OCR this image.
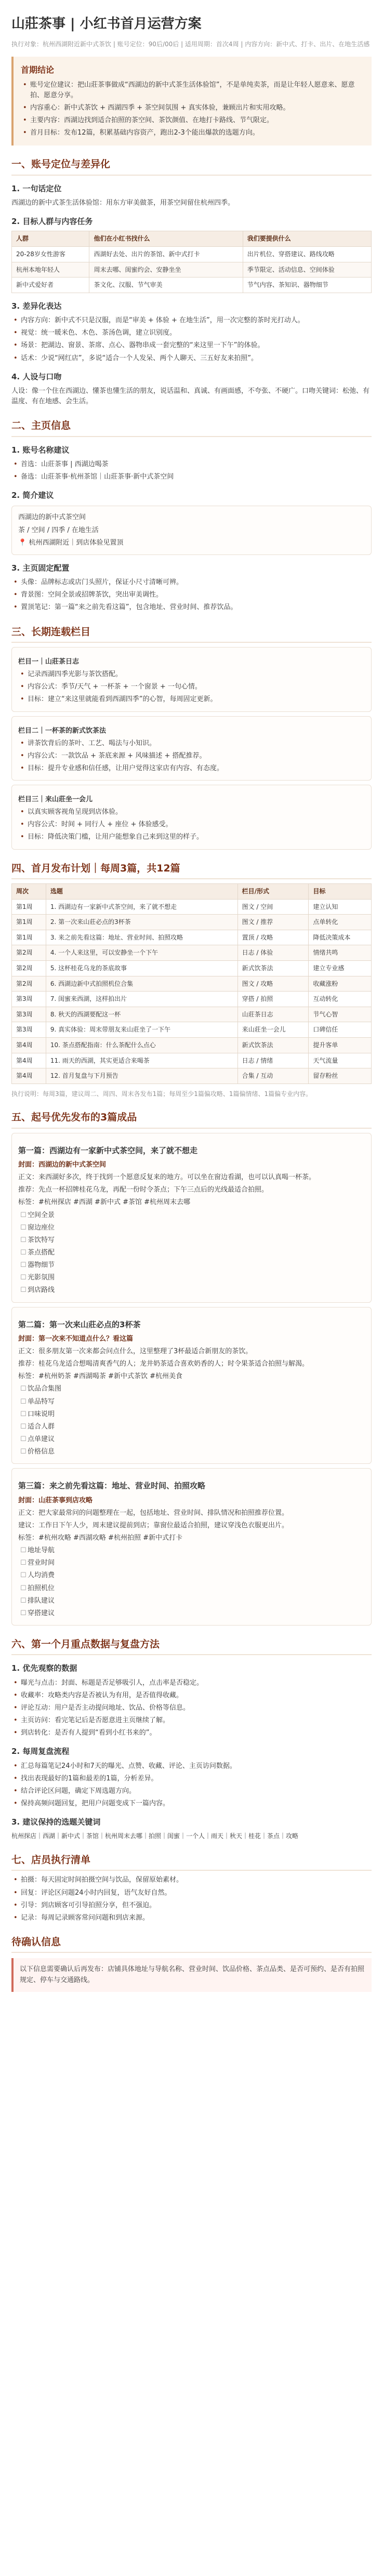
山莊茶事 | 小红书首月运营方案
执行对象：杭州西湖附近新中式茶饮 | 账号定位：90后/00后 | 适用周期：首次4周 | 内容方向：新中式、打卡、出片、在地生活感
首期结论
• 账号定位建议：把山莊茶事做成“西湖边的新中式茶生活体验馆”，不是单纯卖茶，而是让年轻人愿意来、愿意拍、愿意分享。
• 内容重心：新中式茶饮 + 西湖四季 + 茶空间氛围 + 真实体验，兼顾出片和实用攻略。
• 主要内容：西湖边找到适合拍照的茶空间、茶饮颜值、在地打卡路线、节气限定。
• 首月目标：发布12篇，积累基础内容资产，跑出2-3个能出爆款的选题方向。
一、账号定位与差异化
1. 一句话定位

西湖边的新中式茶生活体验馆：用东方审美做茶，用茶空间留住杭州四季。

2. 目标人群与内容任务
人群	他们在小红书找什么	我们要提供什么
20-28岁女性游客	西湖好去处、出片的茶馆、新中式打卡	出片机位、穿搭建议、路线攻略
杭州本地年轻人	周末去哪、闺蜜约会、安静坐坐	季节限定、活动信息、空间体验
新中式爱好者	茶文化、汉服、节气审美	节气内容、茶知识、器物细节
3. 差异化表达
• 内容方向：新中式不只是汉服，而是“审美 + 体验 + 在地生活”，用一次完整的茶时光打动人。
• 视觉：统一暖米色、木色、茶汤色调，建立识别度。
• 场景：把湖边、窗景、茶席、点心、器物串成一套完整的“来这里一下午”的体验。
• 话术：少说“网红店”，多说“适合一个人发呆、两个人聊天、三五好友来拍照”。
4. 人设与口吻

人设：像一个住在西湖边、懂茶也懂生活的朋友，说话温和、真诚、有画面感，不夸张、不硬广。口吻关键词：松弛、有温度、有在地感、会生活。

二、主页信息
1. 账号名称建议
• 首选：山莊茶事 | 西湖边喝茶
• 备选：山莊茶事·杭州茶馆｜山莊茶事·新中式茶空间
2. 简介建议

西湖边的新中式茶空间

茶 / 空间 / 四季 / 在地生活

📍 杭州西湖附近｜到店体验见置顶

3. 主页固定配置
• 头像：品牌标志或店门头照片，保证小尺寸清晰可辨。
• 背景图：空间全景或招牌茶饮，突出审美调性。
• 置顶笔记：第一篇“来之前先看这篇”，包含地址、营业时间、推荐饮品。
三、长期连载栏目
栏目一｜山莊茶日志
• 记录西湖四季光影与茶饮搭配。
• 内容公式：季节/天气 + 一杯茶 + 一个窗景 + 一句心情。
• 目标：建立“来这里就能看到西湖四季”的心智，每周固定更新。
栏目二｜一杯茶的新式饮茶法
• 讲茶饮背后的茶叶、工艺、喝法与小知识。
• 内容公式：一款饮品 + 茶底来源 + 风味描述 + 搭配推荐。
• 目标：提升专业感和信任感，让用户觉得这家店有内容、有态度。
栏目三｜来山莊坐一会儿
• 以真实顾客视角呈现到店体验。
• 内容公式：时间 + 同行人 + 座位 + 体验感受。
• 目标：降低决策门槛，让用户能想象自己来到这里的样子。
四、首月发布计划｜每周3篇，共12篇
周次	选题	栏目/形式	目标
第1周	1. 西湖边有一家新中式茶空间，来了就不想走	图文 / 空间	建立认知
第1周	2. 第一次来山莊必点的3杯茶	图文 / 推荐	点单转化
第1周	3. 来之前先看这篇：地址、营业时间、拍照攻略	置顶 / 攻略	降低决策成本
第2周	4. 一个人来这里，可以安静坐一个下午	日志 / 体验	情绪共鸣
第2周	5. 这杯桂花乌龙的茶底故事	新式饮茶法	建立专业感
第2周	6. 西湖边新中式拍照机位合集	图文 / 攻略	收藏涨粉
第3周	7. 闺蜜来西湖，这样拍出片	穿搭 / 拍照	互动转化
第3周	8. 秋天的西湖要配这一杯	山莊茶日志	节气心智
第3周	9. 真实体验：周末带朋友来山莊坐了一下午	来山莊坐一会儿	口碑信任
第4周	10. 茶点搭配指南：什么茶配什么点心	新式饮茶法	提升客单
第4周	11. 雨天的西湖，其实更适合来喝茶	日志 / 情绪	天气流量
第4周	12. 首月复盘与下月预告	合集 / 互动	留存粉丝
执行说明：每周3篇，建议周二、周四、周末各发布1篇；每周至少1篇偏攻略、1篇偏情绪、1篇偏专业内容。
五、起号优先发布的3篇成品
第一篇：西湖边有一家新中式茶空间，来了就不想走

封面：西湖边的新中式茶空间

正文：来西湖好多次，终于找到一个愿意反复来的地方。可以坐在窗边看湖，也可以认真喝一杯茶。

推荐：先点一杯招牌桂花乌龙，再配一份时令茶点；下午三点后的光线最适合拍照。

标签：#杭州探店 #西湖 #新中式 #茶馆 #杭州周末去哪

☐ 空间全景
☐ 窗边座位
☐ 茶饮特写
☐ 茶点搭配
☐ 器物细节
☐ 光影氛围
☐ 到店路线
第二篇：第一次来山莊必点的3杯茶

封面：第一次来不知道点什么？看这篇

正文：很多朋友第一次来都会问点什么，这里整理了3杯最适合新朋友的茶饮。

推荐：桂花乌龙适合想喝清爽香气的人；龙井奶茶适合喜欢奶香的人；时令果茶适合拍照与解渴。

标签：#杭州奶茶 #西湖喝茶 #新中式茶饮 #杭州美食

☐ 饮品合集图
☐ 单品特写
☐ 口味说明
☐ 适合人群
☐ 点单建议
☐ 价格信息
第三篇：来之前先看这篇：地址、营业时间、拍照攻略

封面：山莊茶事到店攻略

正文：把大家最常问的问题整理在一起，包括地址、营业时间、排队情况和拍照推荐位置。

建议：工作日下午人少，周末建议提前到店；靠窗位最适合拍照，建议穿浅色衣服更出片。

标签：#杭州攻略 #西湖攻略 #杭州拍照 #新中式打卡

☐ 地址导航
☐ 营业时间
☐ 人均消费
☐ 拍照机位
☐ 排队建议
☐ 穿搭建议
六、第一个月重点数据与复盘方法
1. 优先观察的数据
• 曝光与点击：封面、标题是否足够吸引人，点击率是否稳定。
• 收藏率：攻略类内容是否被认为有用，是否值得收藏。
• 评论互动：用户是否主动提问地址、饮品、价格等信息。
• 主页访问：看完笔记后是否愿意进主页继续了解。
• 到店转化：是否有人提到“看到小红书来的”。
2. 每周复盘流程
• 汇总每篇笔记24小时和7天的曝光、点赞、收藏、评论、主页访问数据。
• 找出表现最好的1篇和最差的1篇，分析差异。
• 结合评论区问题，确定下周选题方向。
• 保持高频问题回复，把用户问题变成下一篇内容。
3. 建议保持的选题关键词

杭州探店｜西湖｜新中式｜茶馆｜杭州周末去哪｜拍照｜闺蜜｜一个人｜雨天｜秋天｜桂花｜茶点｜攻略

七、店员执行清单
• 拍摄：每天固定时间拍摄空间与饮品，保留原始素材。
• 回复：评论区问题24小时内回复，语气友好自然。
• 引导：到店顾客可引导拍照分享，但不强迫。
• 记录：每周记录顾客常问问题和到店来源。
待确认信息

以下信息需要确认后再发布：店铺具体地址与导航名称、营业时间、饮品价格、茶点品类、是否可预约、是否有拍照规定、停车与交通路线。
